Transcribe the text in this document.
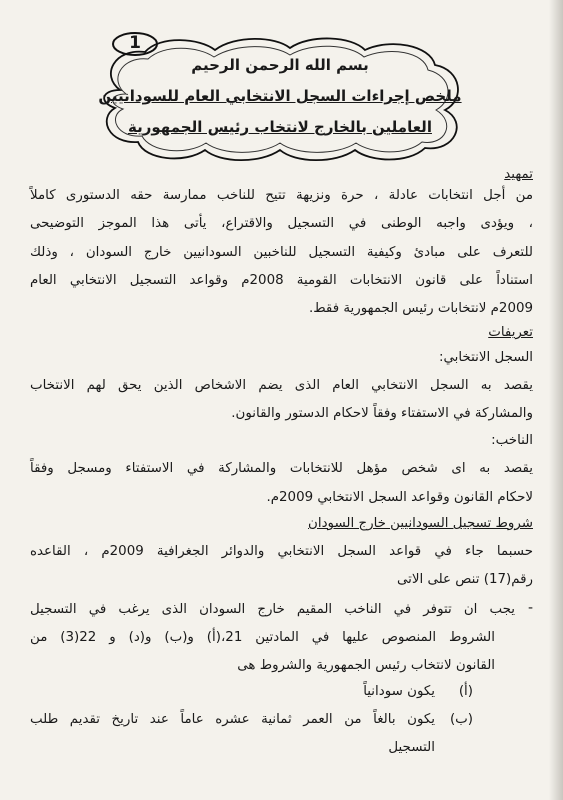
1
بسم الله الرحمن الرحيم
ملخص إجراءات السجل الانتخابي العام للسودانيين
العاملين بالخارج لانتخاب رئيس الجمهورية
تمهيد
من أجل انتخابات عادلة ، حرة ونزيهة تتيح للناخب ممارسة حقه الدستورى كاملاً
، ويؤدى واجبه الوطنى في التسجيل والاقتراع، يأتى هذا الموجز التوضيحى
للتعرف على مبادئ وكيفية التسجيل للناخبين السودانيين خارج السودان ، وذلك
استناداً على قانون الانتخابات القومية 2008م وقواعد التسجيل الانتخابي العام
2009م لانتخابات رئيس الجمهورية فقط.
تعريفات
السجل الانتخابي:
يقصد به السجل الانتخابي العام الذى يضم الاشخاص الذين يحق لهم الانتخاب
والمشاركة في الاستفتاء وفقاً لاحكام الدستور والقانون.
الناخب:
يقصد به اى شخص مؤهل للانتخابات والمشاركة في الاستفتاء ومسجل وفقاً
لاحكام القانون وقواعد السجل الانتخابي 2009م.
شروط تسجيل السودانيين خارج السودان
حسبما جاء في قواعد السجل الانتخابي والدوائر الجغرافية 2009م ، القاعده
رقم(17) تنص على الاتى
-
يجب ان تتوفر في الناخب المقيم خارج السودان الذى يرغب في التسجيل
الشروط المنصوص عليها في المادتين 21،(أ) و(ب) و(د) و 22(3) من
القانون لانتخاب رئيس الجمهورية والشروط هى
(أ)
يكون سودانياً
(ب)
يكون بالغاً من العمر ثمانية عشره عاماً عند تاريخ تقديم طلب
التسجيل
